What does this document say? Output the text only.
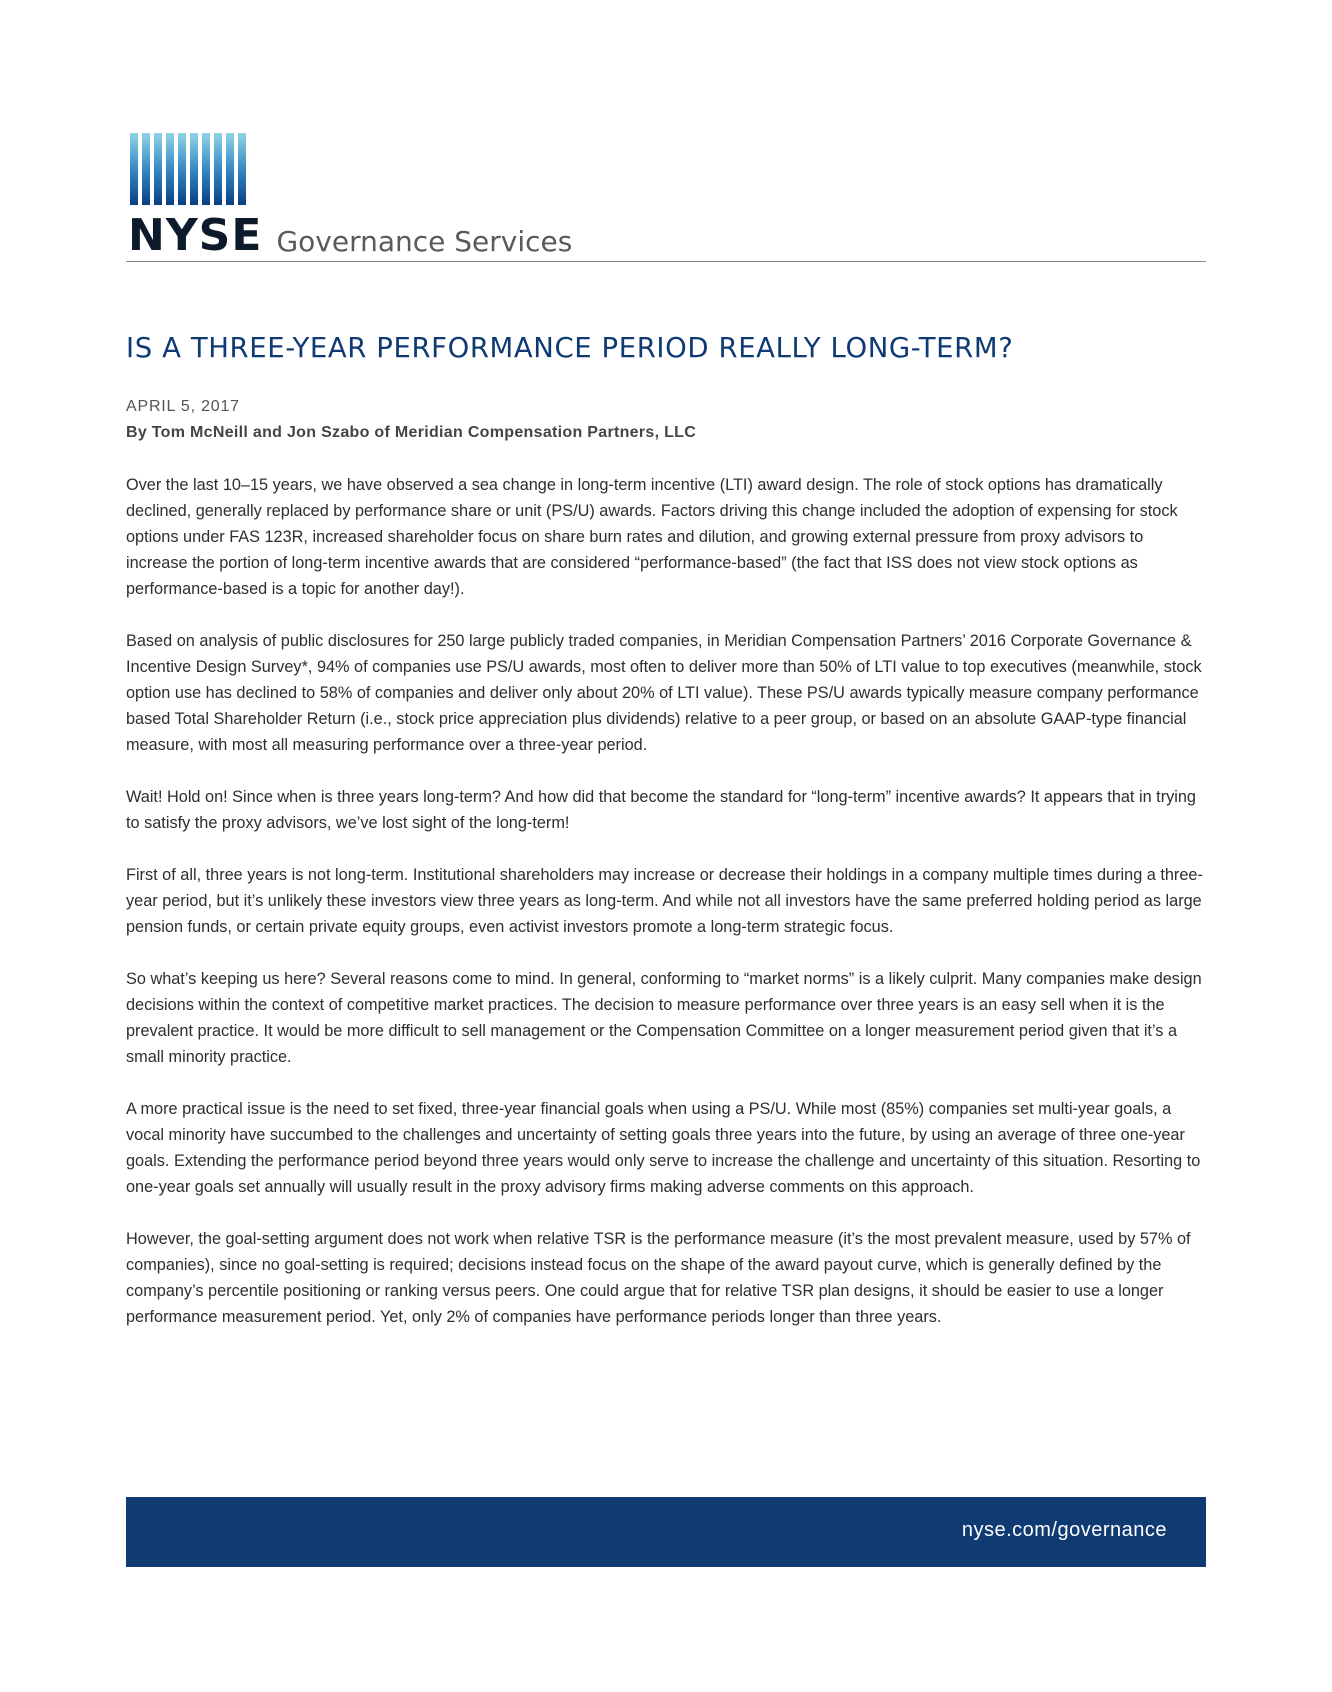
NYSE Governance Services
IS A THREE-YEAR PERFORMANCE PERIOD REALLY LONG-TERM?
APRIL 5, 2017
By Tom McNeill and Jon Szabo of Meridian Compensation Partners, LLC

Over the last 10–15 years, we have observed a sea change in long-term incentive (LTI) award design. The role of stock options has dramatically declined, generally replaced by performance share or unit (PS/U) awards. Factors driving this change included the adoption of expensing for stock options under FAS 123R, increased shareholder focus on share burn rates and dilution, and growing external pressure from proxy advisors to increase the portion of long-term incentive awards that are considered “performance-based” (the fact that ISS does not view stock options as performance-based is a topic for another day!).

Based on analysis of public disclosures for 250 large publicly traded companies, in Meridian Compensation Partners’ 2016 Corporate Governance & Incentive Design Survey*, 94% of companies use PS/U awards, most often to deliver more than 50% of LTI value to top executives (meanwhile, stock option use has declined to 58% of companies and deliver only about 20% of LTI value). These PS/U awards typically measure company performance based Total Shareholder Return (i.e., stock price appreciation plus dividends) relative to a peer group, or based on an absolute GAAP-type financial measure, with most all measuring performance over a three-year period.

Wait! Hold on! Since when is three years long-term? And how did that become the standard for “long-term” incentive awards? It appears that in trying to satisfy the proxy advisors, we’ve lost sight of the long-term!

First of all, three years is not long-term. Institutional shareholders may increase or decrease their holdings in a company multiple times during a three-year period, but it’s unlikely these investors view three years as long-term. And while not all investors have the same preferred holding period as large pension funds, or certain private equity groups, even activist investors promote a long-term strategic focus.

So what’s keeping us here? Several reasons come to mind. In general, conforming to “market norms” is a likely culprit. Many companies make design decisions within the context of competitive market practices. The decision to measure performance over three years is an easy sell when it is the prevalent practice. It would be more difficult to sell management or the Compensation Committee on a longer measurement period given that it’s a small minority practice.

A more practical issue is the need to set fixed, three-year financial goals when using a PS/U. While most (85%) companies set multi-year goals, a vocal minority have succumbed to the challenges and uncertainty of setting goals three years into the future, by using an average of three one-year goals. Extending the performance period beyond three years would only serve to increase the challenge and uncertainty of this situation. Resorting to one-year goals set annually will usually result in the proxy advisory firms making adverse comments on this approach.

However, the goal-setting argument does not work when relative TSR is the performance measure (it’s the most prevalent measure, used by 57% of companies), since no goal-setting is required; decisions instead focus on the shape of the award payout curve, which is generally defined by the company’s percentile positioning or ranking versus peers. One could argue that for relative TSR plan designs, it should be easier to use a longer performance measurement period. Yet, only 2% of companies have performance periods longer than three years.

nyse.com/governance
